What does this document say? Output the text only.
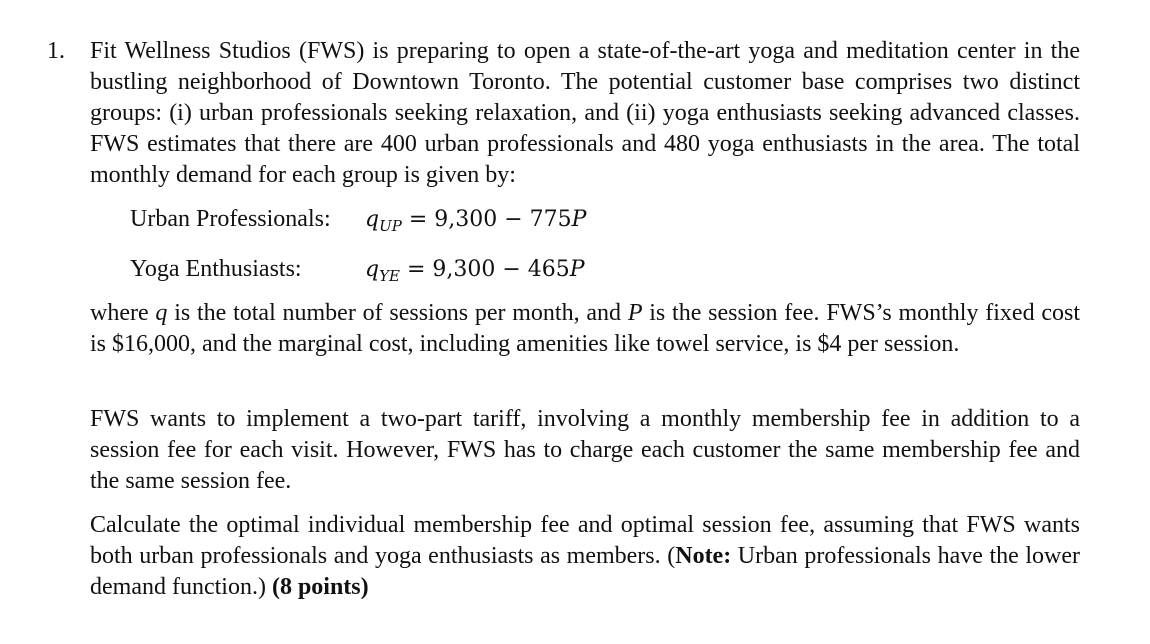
1. Fit Wellness Studios (FWS) is preparing to open a state-of-the-art yoga and meditation center in the bustling neighborhood of Downtown Toronto. The potential customer base comprises two distinct groups: (i) urban professionals seeking relaxation, and (ii) yoga enthusiasts seeking advanced classes. FWS estimates that there are 400 urban professionals and 480 yoga enthusiasts in the area. The total monthly demand for each group is given by:

Urban Professionals: $q_{UP} = 9,300 - 775P$
Yoga Enthusiasts:	$q_{YE} = 9,300 - 465P$

where q is the total number of sessions per month, and P is the session fee. FWS’s monthly fixed cost is $16,000, and the marginal cost, including amenities like towel service, is $4 per session.

FWS wants to implement a two-part tariff, involving a monthly membership fee in addition to a session fee for each visit. However, FWS has to charge each customer the same membership fee and the same session fee.

Calculate the optimal individual membership fee and optimal session fee, assuming that FWS wants both urban professionals and yoga enthusiasts as members. (Note: Urban professionals have the lower demand function.) (8 points)
